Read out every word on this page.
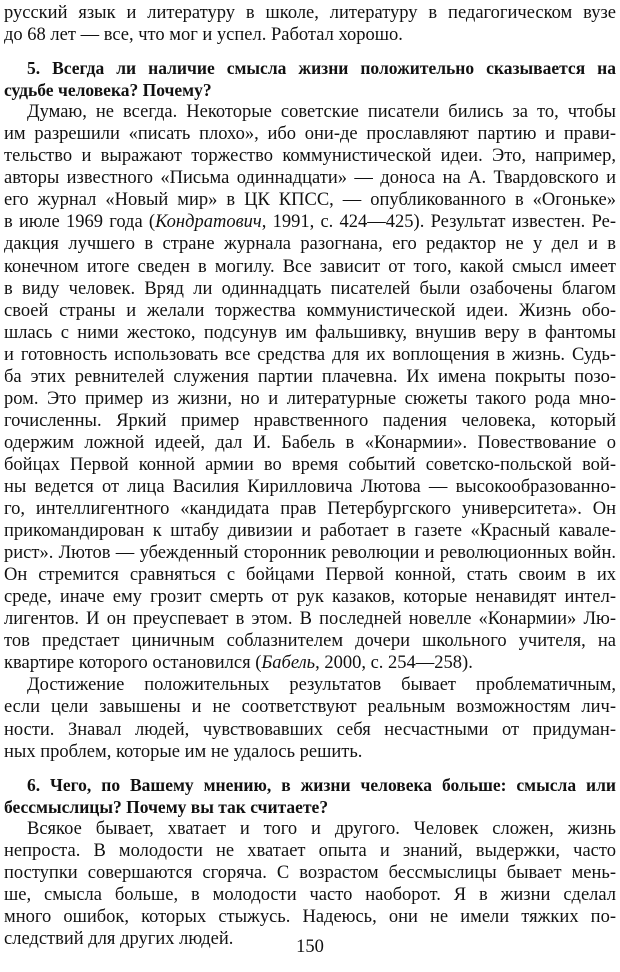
русский язык и литературу в школе, литературу в педагогическом вузе
до 68 лет — все, что мог и успел. Работал хорошо.
5. Всегда ли наличие смысла жизни положительно сказывается на
судьбе человека? Почему?
Думаю, не всегда. Некоторые советские писатели бились за то, чтобы
им разрешили «писать плохо», ибо они-де прославляют партию и прави-
тельство и выражают торжество коммунистической идеи. Это, например,
авторы известного «Письма одиннадцати» — доноса на А. Твардовского и
его журнал «Новый мир» в ЦК КПСС, — опубликованного в «Огоньке»
в июле 1969 года (Кондратович, 1991, с. 424—425). Результат известен. Ре-
дакция лучшего в стране журнала разогнана, его редактор не у дел и в
конечном итоге сведен в могилу. Все зависит от того, какой смысл имеет
в виду человек. Вряд ли одиннадцать писателей были озабочены благом
своей страны и желали торжества коммунистической идеи. Жизнь обо-
шлась с ними жестоко, подсунув им фальшивку, внушив веру в фантомы
и готовность использовать все средства для их воплощения в жизнь. Судь-
ба этих ревнителей служения партии плачевна. Их имена покрыты позо-
ром. Это пример из жизни, но и литературные сюжеты такого рода мно-
гочисленны. Яркий пример нравственного падения человека, который
одержим ложной идеей, дал И. Бабель в «Конармии». Повествование о
бойцах Первой конной армии во время событий советско-польской вой-
ны ведется от лица Василия Кирилловича Лютова — высокообразованно-
го, интеллигентного «кандидата прав Петербургского университета». Он
прикомандирован к штабу дивизии и работает в газете «Красный кавале-
рист». Лютов — убежденный сторонник революции и революционных войн.
Он стремится сравняться с бойцами Первой конной, стать своим в их
среде, иначе ему грозит смерть от рук казаков, которые ненавидят интел-
лигентов. И он преуспевает в этом. В последней новелле «Конармии» Лю-
тов предстает циничным соблазнителем дочери школьного учителя, на
квартире которого остановился (Бабель, 2000, с. 254—258).
Достижение положительных результатов бывает проблематичным,
если цели завышены и не соответствуют реальным возможностям лич-
ности. Знавал людей, чувствовавших себя несчастными от придуман-
ных проблем, которые им не удалось решить.
6. Чего, по Вашему мнению, в жизни человека больше: смысла или
бессмыслицы? Почему вы так считаете?
Всякое бывает, хватает и того и другого. Человек сложен, жизнь
непроста. В молодости не хватает опыта и знаний, выдержки, часто
поступки совершаются сгоряча. С возрастом бессмыслицы бывает мень-
ше, смысла больше, в молодости часто наоборот. Я в жизни сделал
много ошибок, которых стыжусь. Надеюсь, они не имели тяжких по-
следствий для других людей.	150
